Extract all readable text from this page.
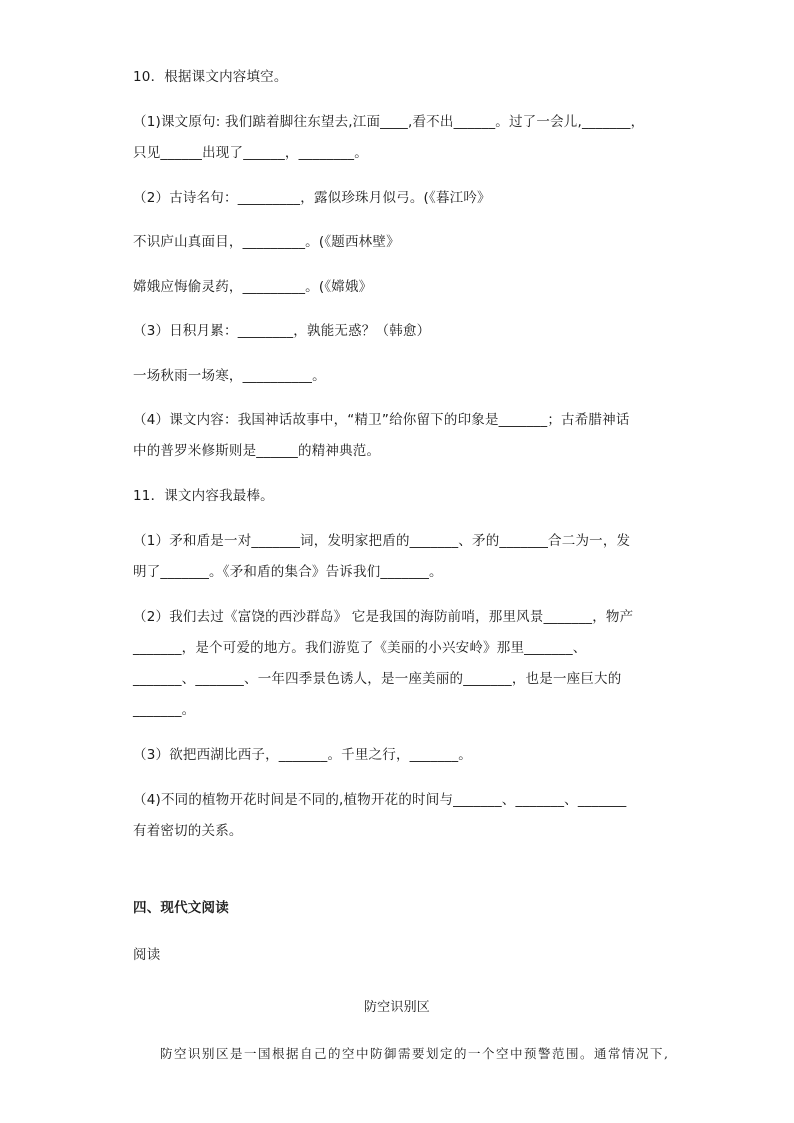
10．根据课文内容填空。
（1)课文原句: 我们踮着脚往东望去,江面____,看不出______。过了一会儿,_______，
只见______出现了______，________。
（2）古诗名句：_________，露似珍珠月似弓。(《暮江吟》
不识庐山真面目，_________。(《题西林壁》
嫦娥应悔偷灵药，_________。(《嫦娥》
（3）日积月累：________，孰能无惑？（韩愈）
一场秋雨一场寒，__________。
（4）课文内容：我国神话故事中，“精卫”给你留下的印象是_______；古希腊神话
中的普罗米修斯则是______的精神典范。
11．课文内容我最棒。
（1）矛和盾是一对_______词，发明家把盾的_______、矛的_______合二为一，发
明了_______。《矛和盾的集合》告诉我们_______。
（2）我们去过《富饶的西沙群岛》 它是我国的海防前哨，那里风景_______，物产
_______，是个可爱的地方。我们游览了《美丽的小兴安岭》那里_______、
_______、_______、一年四季景色诱人，是一座美丽的_______，也是一座巨大的
_______。
（3）欲把西湖比西子，_______。千里之行，_______。
（4)不同的植物开花时间是不同的,植物开花的时间与_______、_______、_______
有着密切的关系。
四、现代文阅读
阅读
防空识别区
防空识别区是一国根据自己的空中防御需要划定的一个空中预警范围。通常情况下,
